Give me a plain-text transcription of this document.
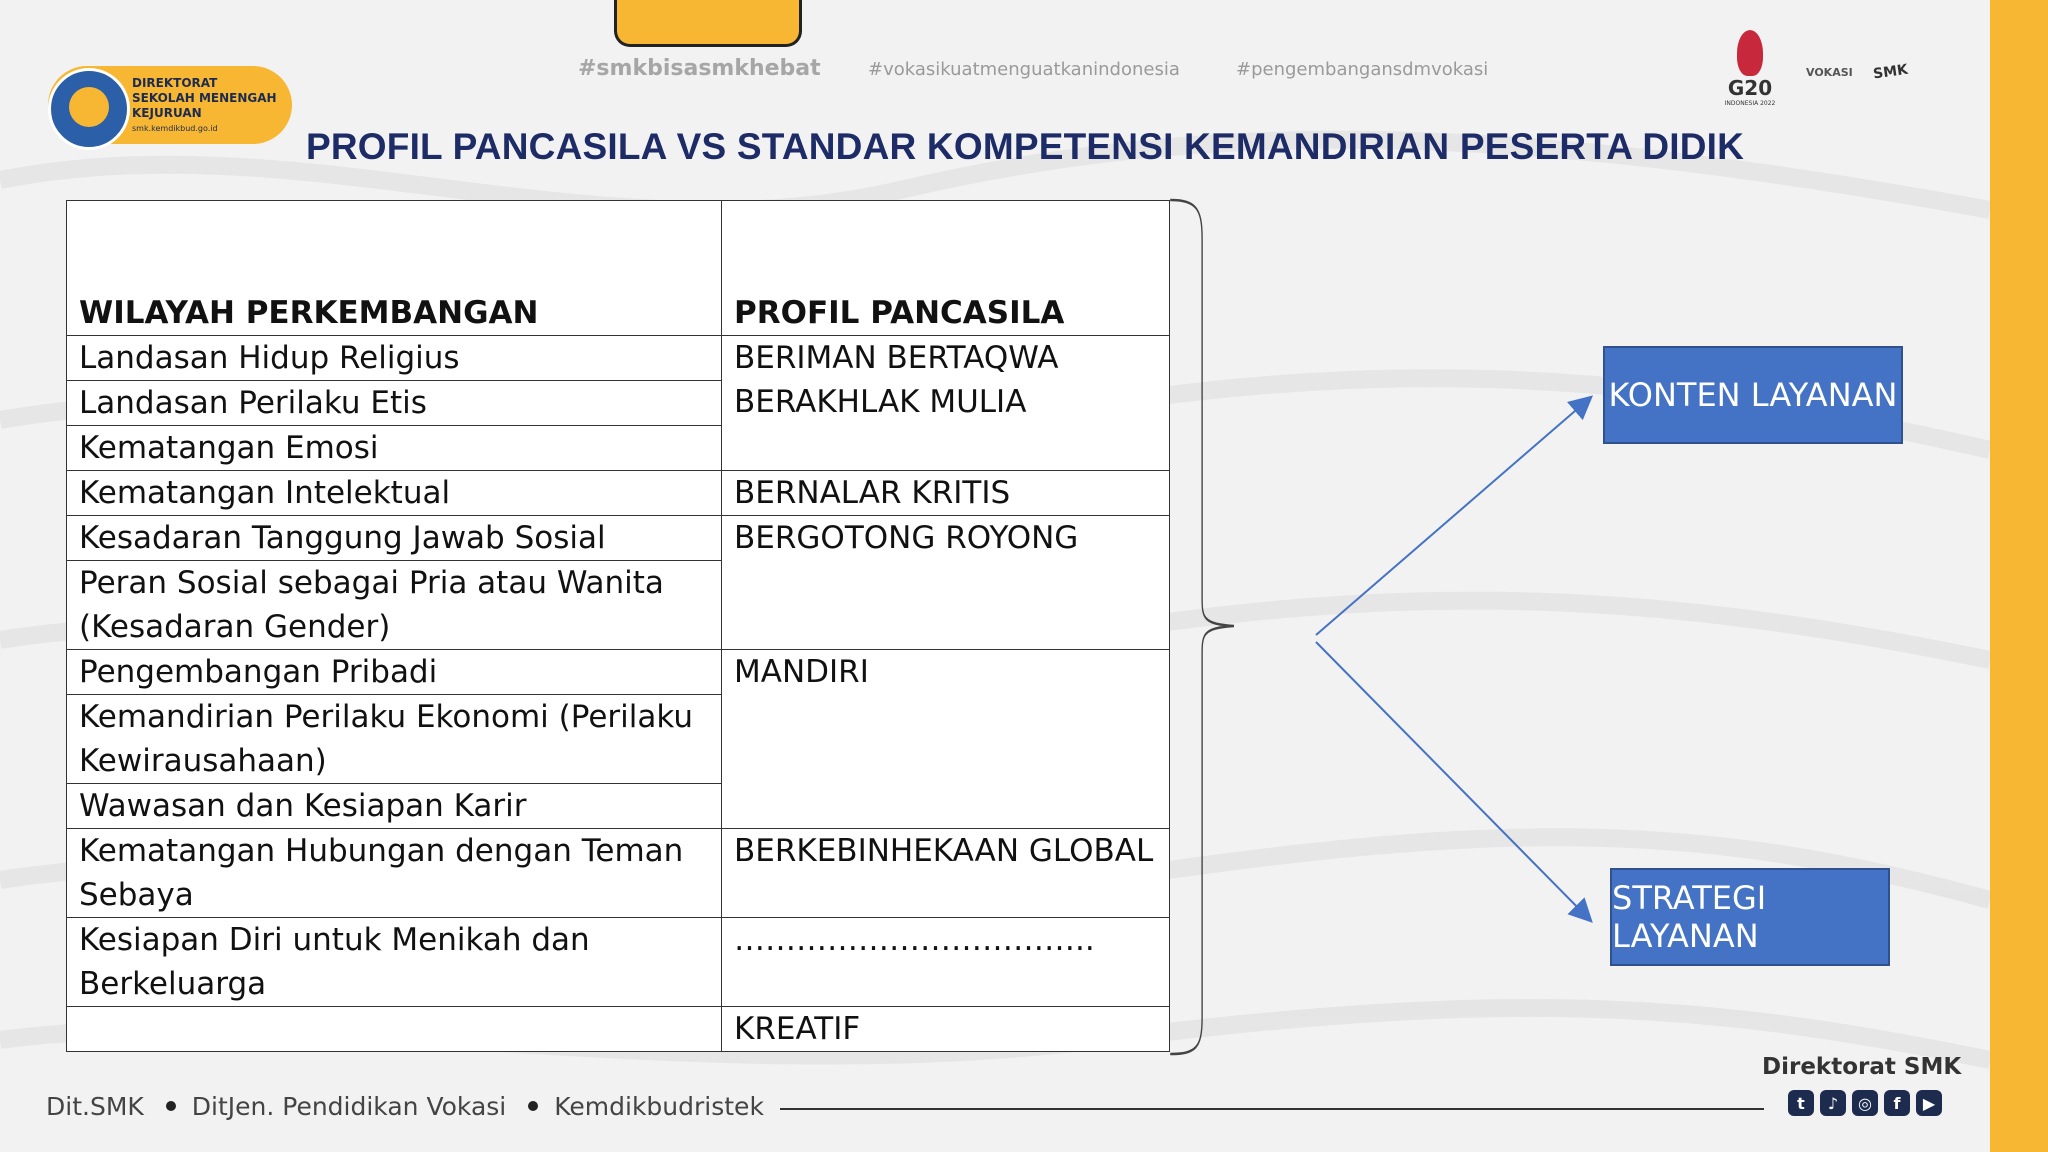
DIREKTORAT
SEKOLAH MENENGAH
KEJURUAN
smk.kemdikbud.go.id
#smkbisasmkhebat	#vokasikuatmenguatkanindonesia	#pengembangansdmvokasi
G20
INDONESIA 2022
VOKASI	SMK
PROFIL PANCASILA VS STANDAR KOMPETENSI KEMANDIRIAN PESERTA DIDIK
WILAYAH PERKEMBANGAN	PROFIL PANCASILA
Landasan Hidup Religius	BERIMAN BERTAQWA BERAKHLAK MULIA
Landasan Perilaku Etis	
Kematangan Emosi	
Kematangan Intelektual	BERNALAR KRITIS
Kesadaran Tanggung Jawab Sosial	BERGOTONG ROYONG
Peran Sosial sebagai Pria atau Wanita (Kesadaran Gender)	
Pengembangan Pribadi	MANDIRI
Kemandirian Perilaku Ekonomi (Perilaku Kewirausahaan)	
Wawasan dan Kesiapan Karir	
Kematangan Hubungan dengan Teman Sebaya	BERKEBINHEKAAN GLOBAL
Kesiapan Diri untuk Menikah dan Berkeluarga	……………………………..
	KREATIF
KONTEN LAYANAN
STRATEGI LAYANAN
Dit.SMK DitJen. Pendidikan Vokasi Kemdikbudristek
Direktorat SMK
t	♪	◎	f	▶
